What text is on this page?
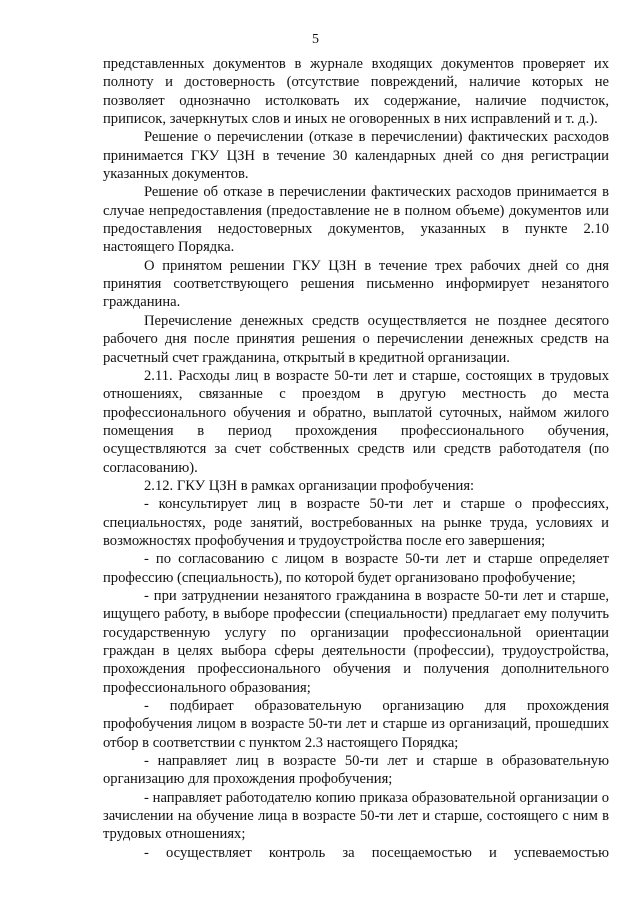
5

представленных документов в журнале входящих документов проверяет их полноту и достоверность (отсутствие повреждений, наличие которых не позволяет однозначно истолковать их содержание, наличие подчисток, приписок, зачеркнутых слов и иных не оговоренных в них исправлений и т. д.).

Решение о перечислении (отказе в перечислении) фактических расходов принимается ГКУ ЦЗН в течение 30 календарных дней со дня регистрации указанных документов.

Решение об отказе в перечислении фактических расходов принимается в случае непредоставления (предоставление не в полном объеме) документов или предоставления недостоверных документов, указанных в пункте 2.10 настоящего Порядка.

О принятом решении ГКУ ЦЗН в течение трех рабочих дней со дня принятия соответствующего решения письменно информирует незанятого гражданина.

Перечисление денежных средств осуществляется не позднее десятого рабочего дня после принятия решения о перечислении денежных средств на расчетный счет гражданина, открытый в кредитной организации.

2.11. Расходы лиц в возрасте 50-ти лет и старше, состоящих в трудовых отношениях, связанные с проездом в другую местность до места профессионального обучения и обратно, выплатой суточных, наймом жилого помещения в период прохождения профессионального обучения, осуществляются за счет собственных средств или средств работодателя (по согласованию).

2.12. ГКУ ЦЗН в рамках организации профобучения:

- консультирует лиц в возрасте 50-ти лет и старше о профессиях, специальностях, роде занятий, востребованных на рынке труда, условиях и возможностях профобучения и трудоустройства после его завершения;

- по согласованию с лицом в возрасте 50-ти лет и старше определяет профессию (специальность), по которой будет организовано профобучение;

- при затруднении незанятого гражданина в возрасте 50-ти лет и старше, ищущего работу, в выборе профессии (специальности) предлагает ему получить государственную услугу по организации профессиональной ориентации граждан в целях выбора сферы деятельности (профессии), трудоустройства, прохождения профессионального обучения и получения дополнительного профессионального образования;

- подбирает образовательную организацию для прохождения профобучения лицом в возрасте 50-ти лет и старше из организаций, прошедших отбор в соответствии с пунктом 2.3 настоящего Порядка;

- направляет лиц в возрасте 50-ти лет и старше в образовательную организацию для прохождения профобучения;

- направляет работодателю копию приказа образовательной организации о зачислении на обучение лица в возрасте 50-ти лет и старше, состоящего с ним в трудовых отношениях;

- осуществляет контроль за посещаемостью и успеваемостью
